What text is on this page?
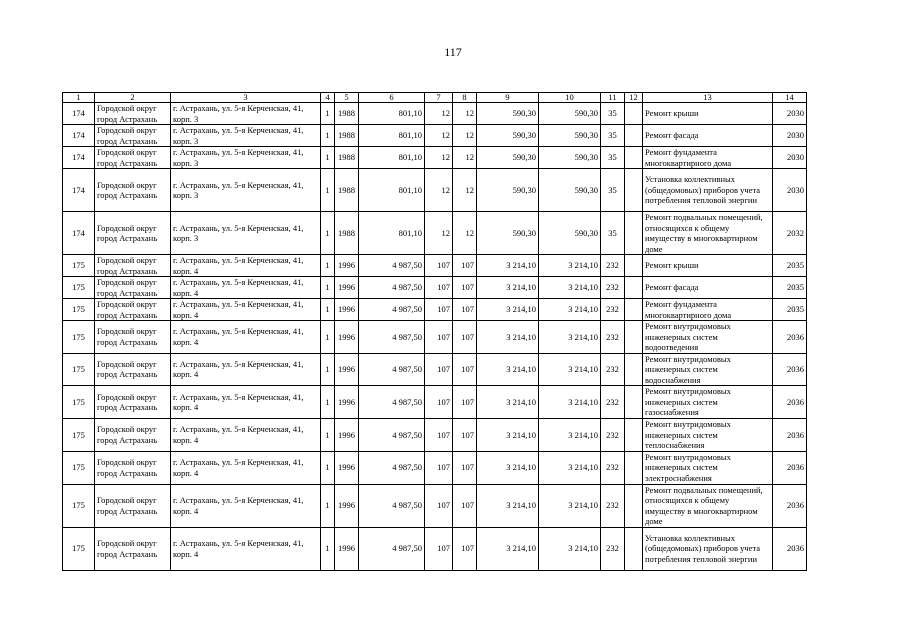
117
1	2	3	4	5	6	7	8	9	10	11	12	13	14
174	Городской округ город Астрахань	г. Астрахань, ул. 5-я Керченская, 41, корп. 3	1	1988	801,10	12	12	590,30	590,30	35		Ремонт крыши	2030
174	Городской округ город Астрахань	г. Астрахань, ул. 5-я Керченская, 41, корп. 3	1	1988	801,10	12	12	590,30	590,30	35		Ремонт фасада	2030
174	Городской округ город Астрахань	г. Астрахань, ул. 5-я Керченская, 41, корп. 3	1	1988	801,10	12	12	590,30	590,30	35		Ремонт фундамента многоквартирного дома	2030
174	Городской округ город Астрахань	г. Астрахань, ул. 5-я Керченская, 41, корп. 3	1	1988	801,10	12	12	590,30	590,30	35		Установка коллективных (общедомовых) приборов учета потребления тепловой энергии	2030
174	Городской округ город Астрахань	г. Астрахань, ул. 5-я Керченская, 41, корп. 3	1	1988	801,10	12	12	590,30	590,30	35		Ремонт подвальных помещений, относящихся к общему имуществу в многоквартирном доме	2032
175	Городской округ город Астрахань	г. Астрахань, ул. 5-я Керченская, 41, корп. 4	1	1996	4 987,50	107	107	3 214,10	3 214,10	232		Ремонт крыши	2035
175	Городской округ город Астрахань	г. Астрахань, ул. 5-я Керченская, 41, корп. 4	1	1996	4 987,50	107	107	3 214,10	3 214,10	232		Ремонт фасада	2035
175	Городской округ город Астрахань	г. Астрахань, ул. 5-я Керченская, 41, корп. 4	1	1996	4 987,50	107	107	3 214,10	3 214,10	232		Ремонт фундамента многоквартирного дома	2035
175	Городской округ город Астрахань	г. Астрахань, ул. 5-я Керченская, 41, корп. 4	1	1996	4 987,50	107	107	3 214,10	3 214,10	232		Ремонт внутридомовых инженерных систем водоотведения	2036
175	Городской округ город Астрахань	г. Астрахань, ул. 5-я Керченская, 41, корп. 4	1	1996	4 987,50	107	107	3 214,10	3 214,10	232		Ремонт внутридомовых инженерных систем водоснабжения	2036
175	Городской округ город Астрахань	г. Астрахань, ул. 5-я Керченская, 41, корп. 4	1	1996	4 987,50	107	107	3 214,10	3 214,10	232		Ремонт внутридомовых инженерных систем газоснабжения	2036
175	Городской округ город Астрахань	г. Астрахань, ул. 5-я Керченская, 41, корп. 4	1	1996	4 987,50	107	107	3 214,10	3 214,10	232		Ремонт внутридомовых инженерных систем теплоснабжения	2036
175	Городской округ город Астрахань	г. Астрахань, ул. 5-я Керченская, 41, корп. 4	1	1996	4 987,50	107	107	3 214,10	3 214,10	232		Ремонт внутридомовых инженерных систем электроснабжения	2036
175	Городской округ город Астрахань	г. Астрахань, ул. 5-я Керченская, 41, корп. 4	1	1996	4 987,50	107	107	3 214,10	3 214,10	232		Ремонт подвальных помещений, относящихся к общему имуществу в многоквартирном доме	2036
175	Городской округ город Астрахань	г. Астрахань, ул. 5-я Керченская, 41, корп. 4	1	1996	4 987,50	107	107	3 214,10	3 214,10	232		Установка коллективных (общедомовых) приборов учета потребления тепловой энергии	2036
